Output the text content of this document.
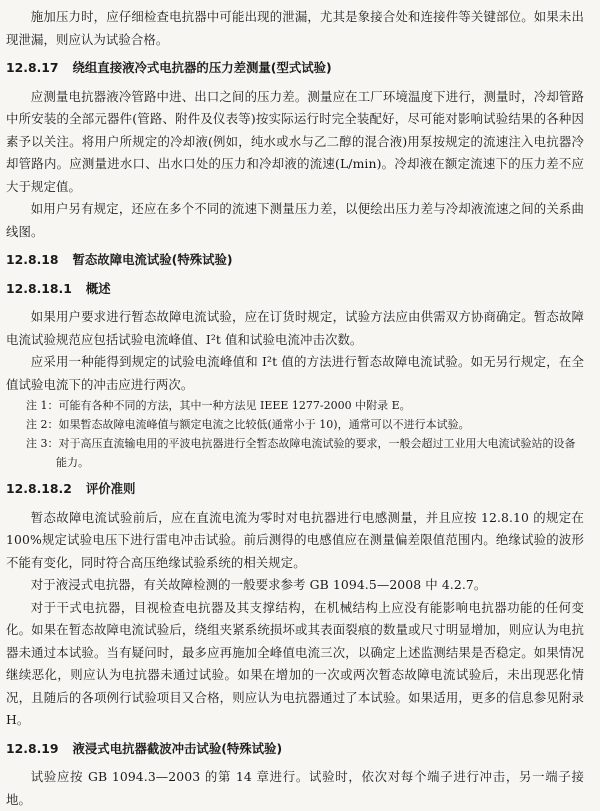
施加压力时，应仔细检查电抗器中可能出现的泄漏，尤其是象接合处和连接件等关键部位。如果未出现泄漏，则应认为试验合格。

12.8.17 绕组直接液冷式电抗器的压力差测量(型式试验)

应测量电抗器液冷管路中进、出口之间的压力差。测量应在工厂环境温度下进行，测量时，冷却管路中所安装的全部元器件(管路、附件及仪表等)按实际运行时完全装配好，尽可能对影响试验结果的各种因素予以关注。将用户所规定的冷却液(例如，纯水或水与乙二醇的混合液)用泵按规定的流速注入电抗器冷却管路内。应测量进水口、出水口处的压力和冷却液的流速(L/min)。冷却液在额定流速下的压力差不应大于规定值。

如用户另有规定，还应在多个不同的流速下测量压力差，以便绘出压力差与冷却液流速之间的关系曲线图。

12.8.18 暂态故障电流试验(特殊试验)
12.8.18.1 概述

如果用户要求进行暂态故障电流试验，应在订货时规定，试验方法应由供需双方协商确定。暂态故障电流试验规范应包括试验电流峰值、I²t 值和试验电流冲击次数。

应采用一种能得到规定的试验电流峰值和 I²t 值的方法进行暂态故障电流试验。如无另行规定，在全值试验电流下的冲击应进行两次。

注 1：可能有各种不同的方法，其中一种方法见 IEEE 1277-2000 中附录 E。

注 2：如果暂态故障电流峰值与额定电流之比较低(通常小于 10)，通常可以不进行本试验。

注 3：对于高压直流输电用的平波电抗器进行全暂态故障电流试验的要求，一般会超过工业用大电流试验站的设备
能力。

12.8.18.2 评价准则

暂态故障电流试验前后，应在直流电流为零时对电抗器进行电感测量，并且应按 12.8.10 的规定在 100%规定试验电压下进行雷电冲击试验。前后测得的电感值应在测量偏差限值范围内。绝缘试验的波形不能有变化，同时符合高压绝缘试验系统的相关规定。

对于液浸式电抗器，有关故障检测的一般要求参考 GB 1094.5—2008 中 4.2.7。

对于干式电抗器，目视检查电抗器及其支撑结构，在机械结构上应没有能影响电抗器功能的任何变化。如果在暂态故障电流试验后，绕组夹紧系统损坏或其表面裂痕的数量或尺寸明显增加，则应认为电抗器未通过本试验。当有疑问时，最多应再施加全峰值电流三次，以确定上述监测结果是否稳定。如果情况继续恶化，则应认为电抗器未通过试验。如果在增加的一次或两次暂态故障电流试验后，未出现恶化情况，且随后的各项例行试验项目又合格，则应认为电抗器通过了本试验。如果适用，更多的信息参见附录 H。

12.8.19 液浸式电抗器截波冲击试验(特殊试验)

试验应按 GB 1094.3—2003 的第 14 章进行。试验时，依次对每个端子进行冲击，另一端子接地。
